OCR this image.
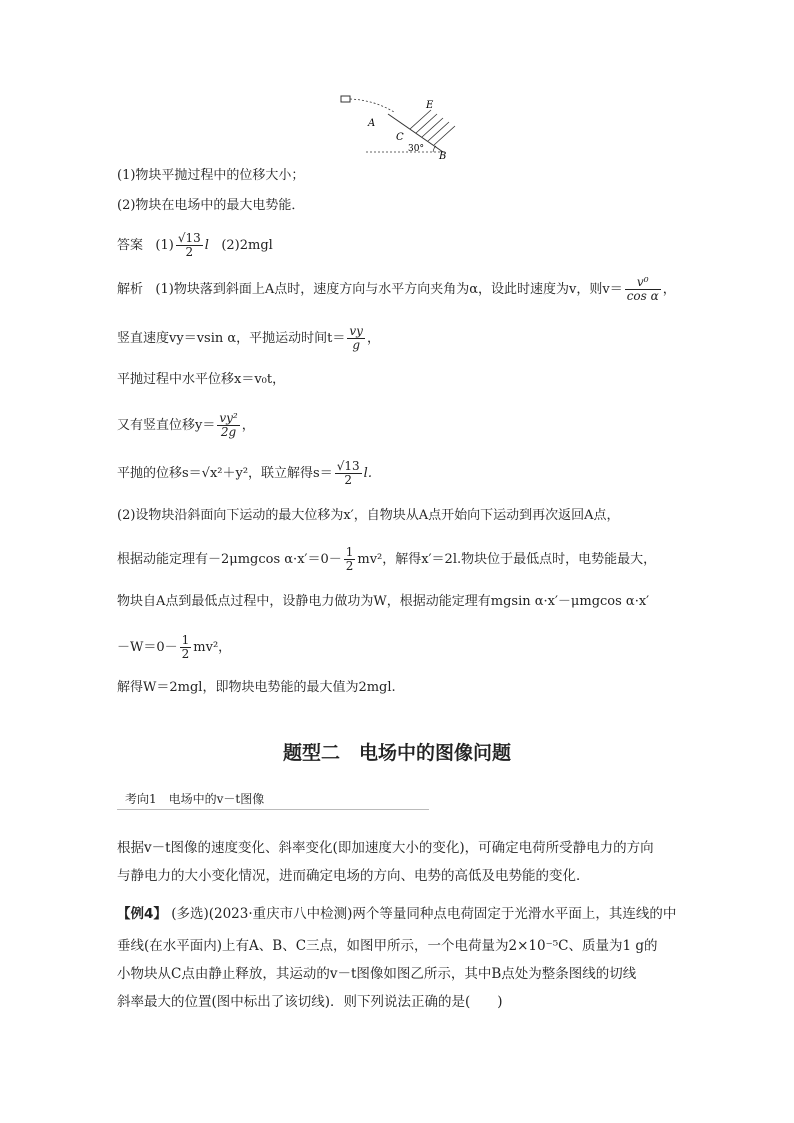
A
C
E
B
30°
(1)物块平抛过程中的位移大小；
(2)物块在电场中的最大电势能．
答案 $(1) \frac{√13}{2}$ l (2)2mgl
解析 (1)物块落到斜面上A点时，速度方向与水平方向夹角为α，设此时速度为v，则$v= \frac{\text{v⁰}}{\text{cos α}}$ ，
竖直速度vy＝vsin α，平抛运动时间$t= \frac{vy}{g}$ ，
平抛过程中水平位移x＝v₀t，
又有竖直位移$y= \frac{\text{vy²}}{2g}$ ，
平抛的位移s＝√x²＋y²，联立解得$s= \frac{√13}{2} l$.
(2)设物块沿斜面向下运动的最大位移为x′，自物块从A点开始向下运动到再次返回A点，
根据动能定理有－2μmgcos $\alpha\cdot x'=0- \frac{1}{2} mv^2$，解得x′＝2l.物块位于最低点时，电势能最大，
物块自A点到最低点过程中，设静电力做功为W，根据动能定理有mgsin α·x′－μmgcos α·x′
$-W=0- \frac{1}{2} mv^2$，
解得W＝2mgl，即物块电势能的最大值为2mgl.
题型二　电场中的图像问题
考向1　电场中的v－t图像
根据v－t图像的速度变化、斜率变化(即加速度大小的变化)，可确定电荷所受静电力的方向
与静电力的大小变化情况，进而确定电场的方向、电势的高低及电势能的变化．
【例4】 (多选)(2023·重庆市八中检测)两个等量同种点电荷固定于光滑水平面上，其连线的中
垂线(在水平面内)上有A、B、C三点，如图甲所示，一个电荷量为2×10⁻⁵C、质量为1 g的
小物块从C点由静止释放，其运动的v－t图像如图乙所示，其中B点处为整条图线的切线
斜率最大的位置(图中标出了该切线)．则下列说法正确的是(　　)
